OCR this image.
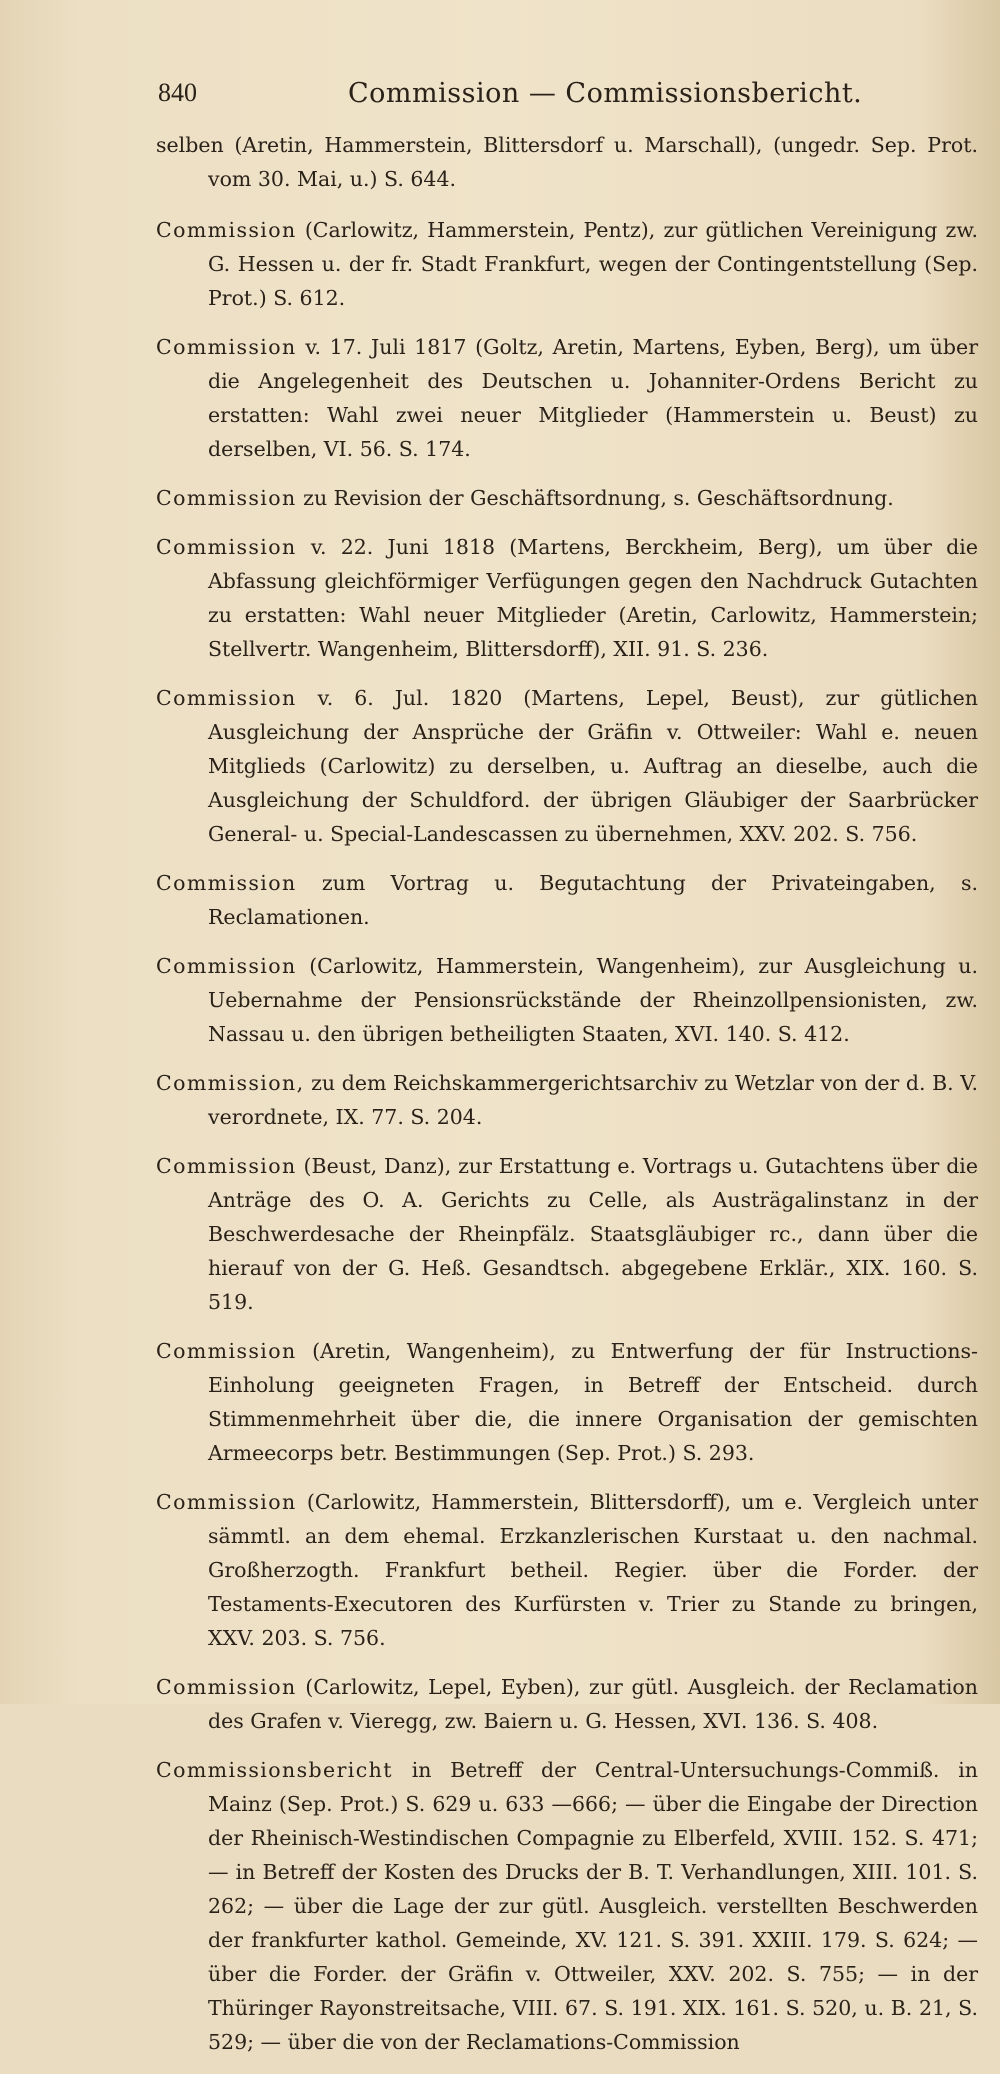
840	Commission — Commissionsbericht.

selben (Aretin, Hammerstein, Blittersdorf u. Marschall), (ungedr. Sep. Prot. vom 30. Mai, u.) S. 644.

Commission (Carlowitz, Hammerstein, Pentz), zur gütlichen Vereinigung zw. G. Hessen u. der fr. Stadt Frankfurt, wegen der Contingentstellung (Sep. Prot.) S. 612.

Commission v. 17. Juli 1817 (Goltz, Aretin, Martens, Eyben, Berg), um über die Angelegenheit des Deutschen u. Johanniter-Ordens Bericht zu erstatten: Wahl zwei neuer Mitglieder (Hammerstein u. Beust) zu derselben, VI. 56. S. 174.

Commission zu Revision der Geschäftsordnung, s. Geschäftsordnung.

Commission v. 22. Juni 1818 (Martens, Berckheim, Berg), um über die Abfassung gleichförmiger Verfügungen gegen den Nachdruck Gutachten zu erstatten: Wahl neuer Mitglieder (Aretin, Carlowitz, Hammerstein; Stellvertr. Wangenheim, Blittersdorff), XII. 91. S. 236.

Commission v. 6. Jul. 1820 (Martens, Lepel, Beust), zur gütlichen Ausgleichung der Ansprüche der Gräfin v. Ottweiler: Wahl e. neuen Mitglieds (Carlowitz) zu derselben, u. Auftrag an dieselbe, auch die Ausgleichung der Schuldford. der übrigen Gläubiger der Saarbrücker General- u. Special-Landescassen zu übernehmen, XXV. 202. S. 756.

Commission zum Vortrag u. Begutachtung der Privateingaben, s. Reclamationen.

Commission (Carlowitz, Hammerstein, Wangenheim), zur Ausgleichung u. Uebernahme der Pensionsrückstände der Rheinzollpensionisten, zw. Nassau u. den übrigen betheiligten Staaten, XVI. 140. S. 412.

Commission, zu dem Reichskammergerichtsarchiv zu Wetzlar von der d. B. V. verordnete, IX. 77. S. 204.

Commission (Beust, Danz), zur Erstattung e. Vortrags u. Gutachtens über die Anträge des O. A. Gerichts zu Celle, als Austrägalinstanz in der Beschwerdesache der Rheinpfälz. Staatsgläubiger rc., dann über die hierauf von der G. Heß. Gesandtsch. abgegebene Erklär., XIX. 160. S. 519.

Commission (Aretin, Wangenheim), zu Entwerfung der für Instructions-Einholung geeigneten Fragen, in Betreff der Entscheid. durch Stimmenmehrheit über die, die innere Organisation der gemischten Armeecorps betr. Bestimmungen (Sep. Prot.) S. 293.

Commission (Carlowitz, Hammerstein, Blittersdorff), um e. Vergleich unter sämmtl. an dem ehemal. Erzkanzlerischen Kurstaat u. den nachmal. Großherzogth. Frankfurt betheil. Regier. über die Forder. der Testaments-Executoren des Kurfürsten v. Trier zu Stande zu bringen, XXV. 203. S. 756.

Commission (Carlowitz, Lepel, Eyben), zur gütl. Ausgleich. der Reclamation des Grafen v. Vieregg, zw. Baiern u. G. Hessen, XVI. 136. S. 408.

Commissionsbericht in Betreff der Central-Untersuchungs-Commiß. in Mainz (Sep. Prot.) S. 629 u. 633 —666; — über die Eingabe der Direction der Rheinisch-Westindischen Compagnie zu Elberfeld, XVIII. 152. S. 471; — in Betreff der Kosten des Drucks der B. T. Verhandlungen, XIII. 101. S. 262; — über die Lage der zur gütl. Ausgleich. verstellten Beschwerden der frankfurter kathol. Gemeinde, XV. 121. S. 391. XXIII. 179. S. 624; — über die Forder. der Gräfin v. Ottweiler, XXV. 202. S. 755; — in der Thüringer Rayonstreitsache, VIII. 67. S. 191. XIX. 161. S. 520, u. B. 21, S. 529; — über die von der Reclamations-Commission
